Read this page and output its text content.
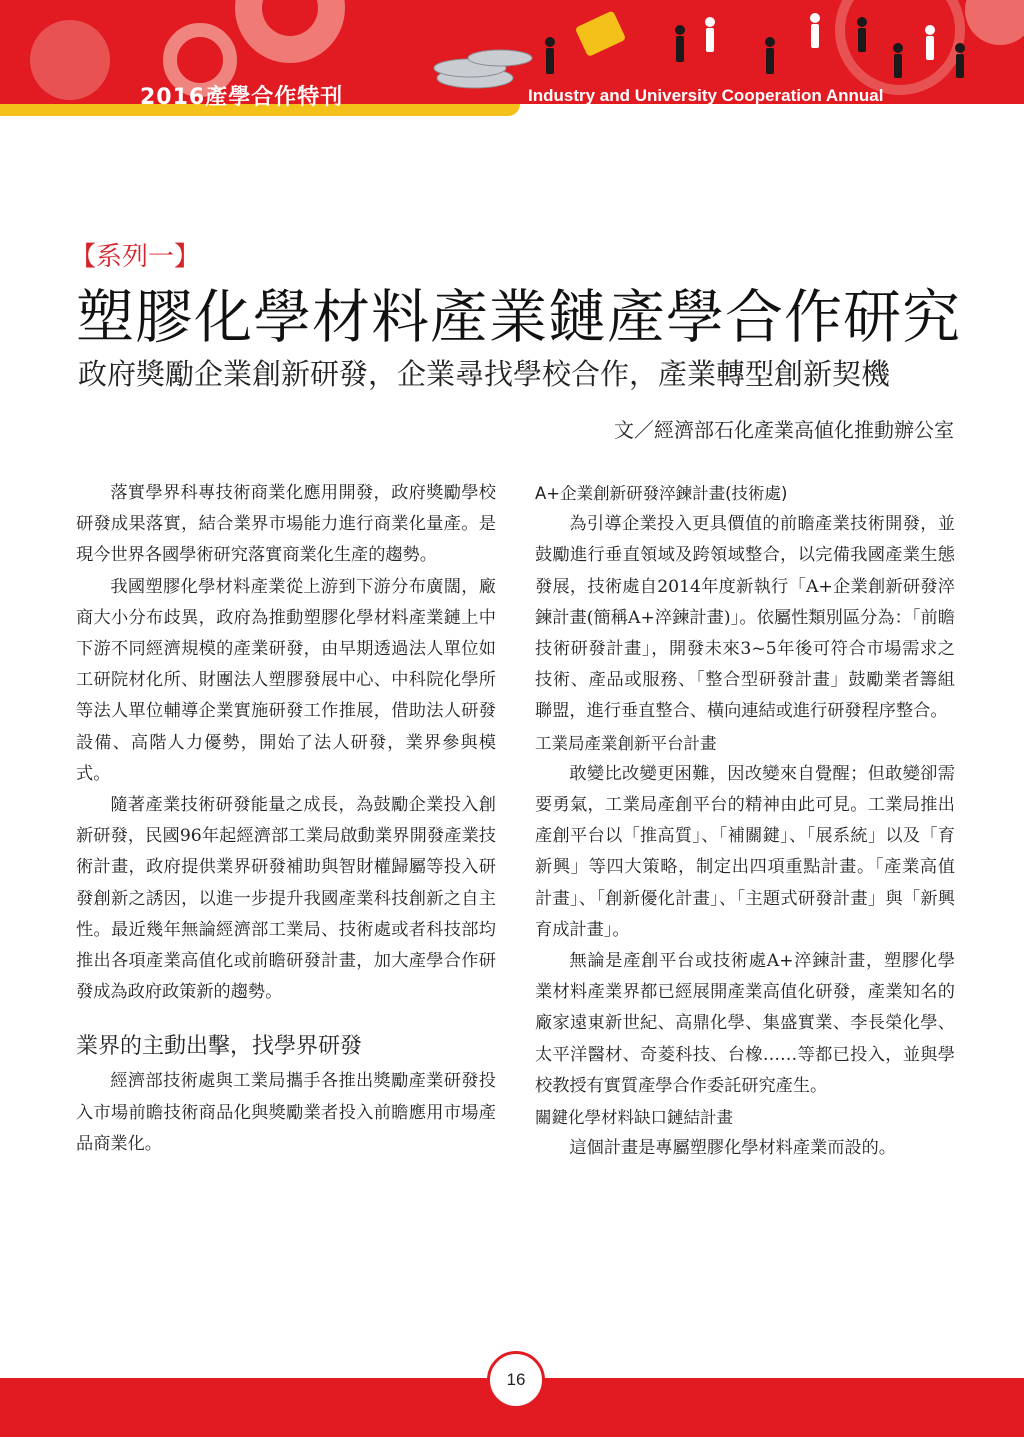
2016產學合作特刊	Industry and University Cooperation Annual
【系列一】
塑膠化學材料產業鏈產學合作研究
政府獎勵企業創新研發，企業尋找學校合作，產業轉型創新契機
文／經濟部石化產業高値化推動辦公室

落實學界科專技術商業化應用開發，政府獎勵學校研發成果落實，結合業界市場能力進行商業化量產。是現今世界各國學術研究落實商業化生產的趨勢。

我國塑膠化學材料產業從上游到下游分布廣闊，廠商大小分布歧異，政府為推動塑膠化學材料產業鏈上中下游不同經濟規模的產業研發，由早期透過法人單位如工研院材化所、財團法人塑膠發展中心、中科院化學所等法人單位輔導企業實施研發工作推展，借助法人研發設備、高階人力優勢，開始了法人研發，業界參與模式。

隨著產業技術研發能量之成長，為鼓勵企業投入創新研發，民國96年起經濟部工業局啟動業界開發產業技術計畫，政府提供業界研發補助與智財權歸屬等投入研發創新之誘因，以進一步提升我國產業科技創新之自主性。最近幾年無論經濟部工業局、技術處或者科技部均推出各項產業高值化或前瞻研發計畫，加大產學合作研發成為政府政策新的趨勢。

業界的主動出擊，找學界研發

經濟部技術處與工業局攜手各推出獎勵產業研發投入市場前瞻技術商品化與獎勵業者投入前瞻應用市場產品商業化。

A+企業創新研發淬鍊計畫(技術處)

為引導企業投入更具價值的前瞻產業技術開發，並鼓勵進行垂直領域及跨領域整合，以完備我國產業生態發展，技術處自2014年度新執行「A+企業創新研發淬鍊計畫(簡稱A+淬鍊計畫)」。依屬性類別區分為：「前瞻技術研發計畫」，開發未來3~5年後可符合市場需求之技術、產品或服務、「整合型研發計畫」鼓勵業者籌組聯盟，進行垂直整合、橫向連結或進行研發程序整合。

工業局產業創新平台計畫

敢變比改變更困難，因改變來自覺醒；但敢變卻需要勇氣，工業局產創平台的精神由此可見。工業局推出產創平台以「推高質」、「補關鍵」、「展系統」以及「育新興」等四大策略，制定出四項重點計畫。「產業高值計畫」、「創新優化計畫」、「主題式研發計畫」與「新興育成計畫」。

無論是產創平台或技術處A+淬鍊計畫，塑膠化學業材料產業界都已經展開產業高值化研發，產業知名的廠家遠東新世紀、高鼎化學、集盛實業、李長榮化學、太平洋醫材、奇菱科技、台橡……等都已投入，並與學校教授有實質產學合作委託研究產生。

關鍵化學材料缺口鏈結計畫

這個計畫是專屬塑膠化學材料產業而設的。

16
